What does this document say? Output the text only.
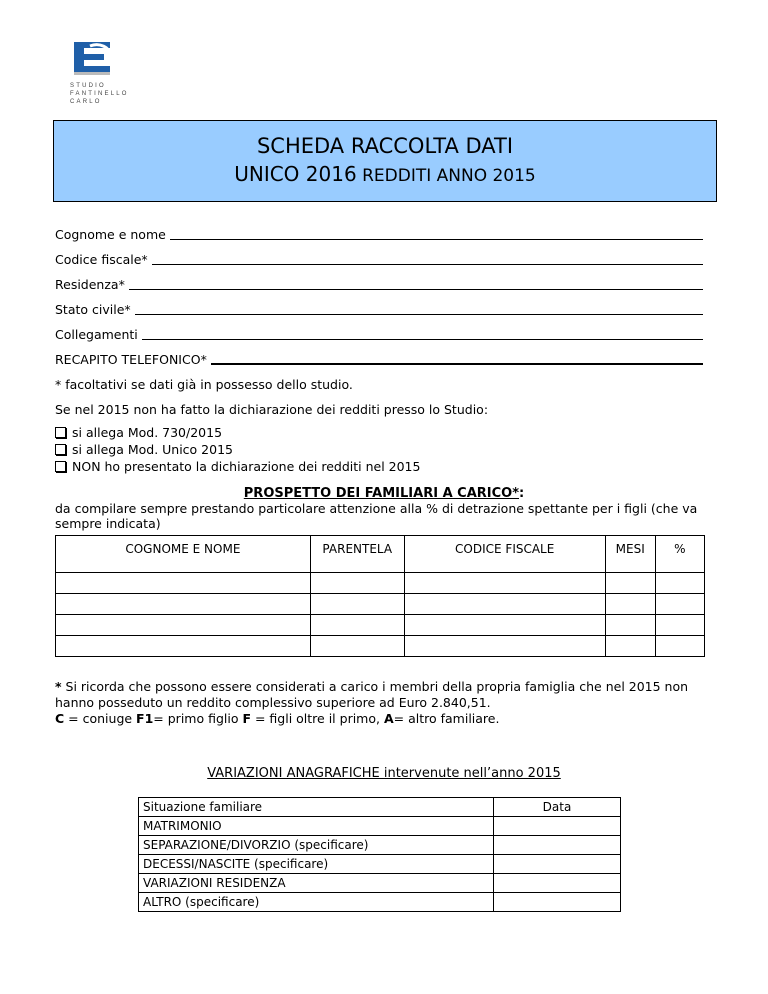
STUDIO
FANTINELLO
CARLO
SCHEDA RACCOLTA DATI
UNICO 2016 REDDITI ANNO 2015
Cognome e nome
Codice fiscale*
Residenza*
Stato civile*
Collegamenti
RECAPITO TELEFONICO*
* facoltativi se dati già in possesso dello studio.
Se nel 2015 non ha fatto la dichiarazione dei redditi presso lo Studio:
si allega Mod. 730/2015
si allega Mod. Unico 2015
NON ho presentato la dichiarazione dei redditi nel 2015
PROSPETTO DEI FAMILIARI A CARICO*:
da compilare sempre prestando particolare attenzione alla % di detrazione spettante per i figli (che va sempre indicata)
COGNOME E NOME	PARENTELA	CODICE FISCALE	MESI	%

* Si ricorda che possono essere considerati a carico i membri della propria famiglia che nel 2015 non hanno posseduto un reddito complessivo superiore ad Euro 2.840,51.
C = coniuge F1= primo figlio F = figli oltre il primo, A= altro familiare.
VARIAZIONI ANAGRAFICHE intervenute nell’anno 2015
Situazione familiare	Data
MATRIMONIO	
SEPARAZIONE/DIVORZIO (specificare)	
DECESSI/NASCITE (specificare)	
VARIAZIONI RESIDENZA	
ALTRO (specificare)	
